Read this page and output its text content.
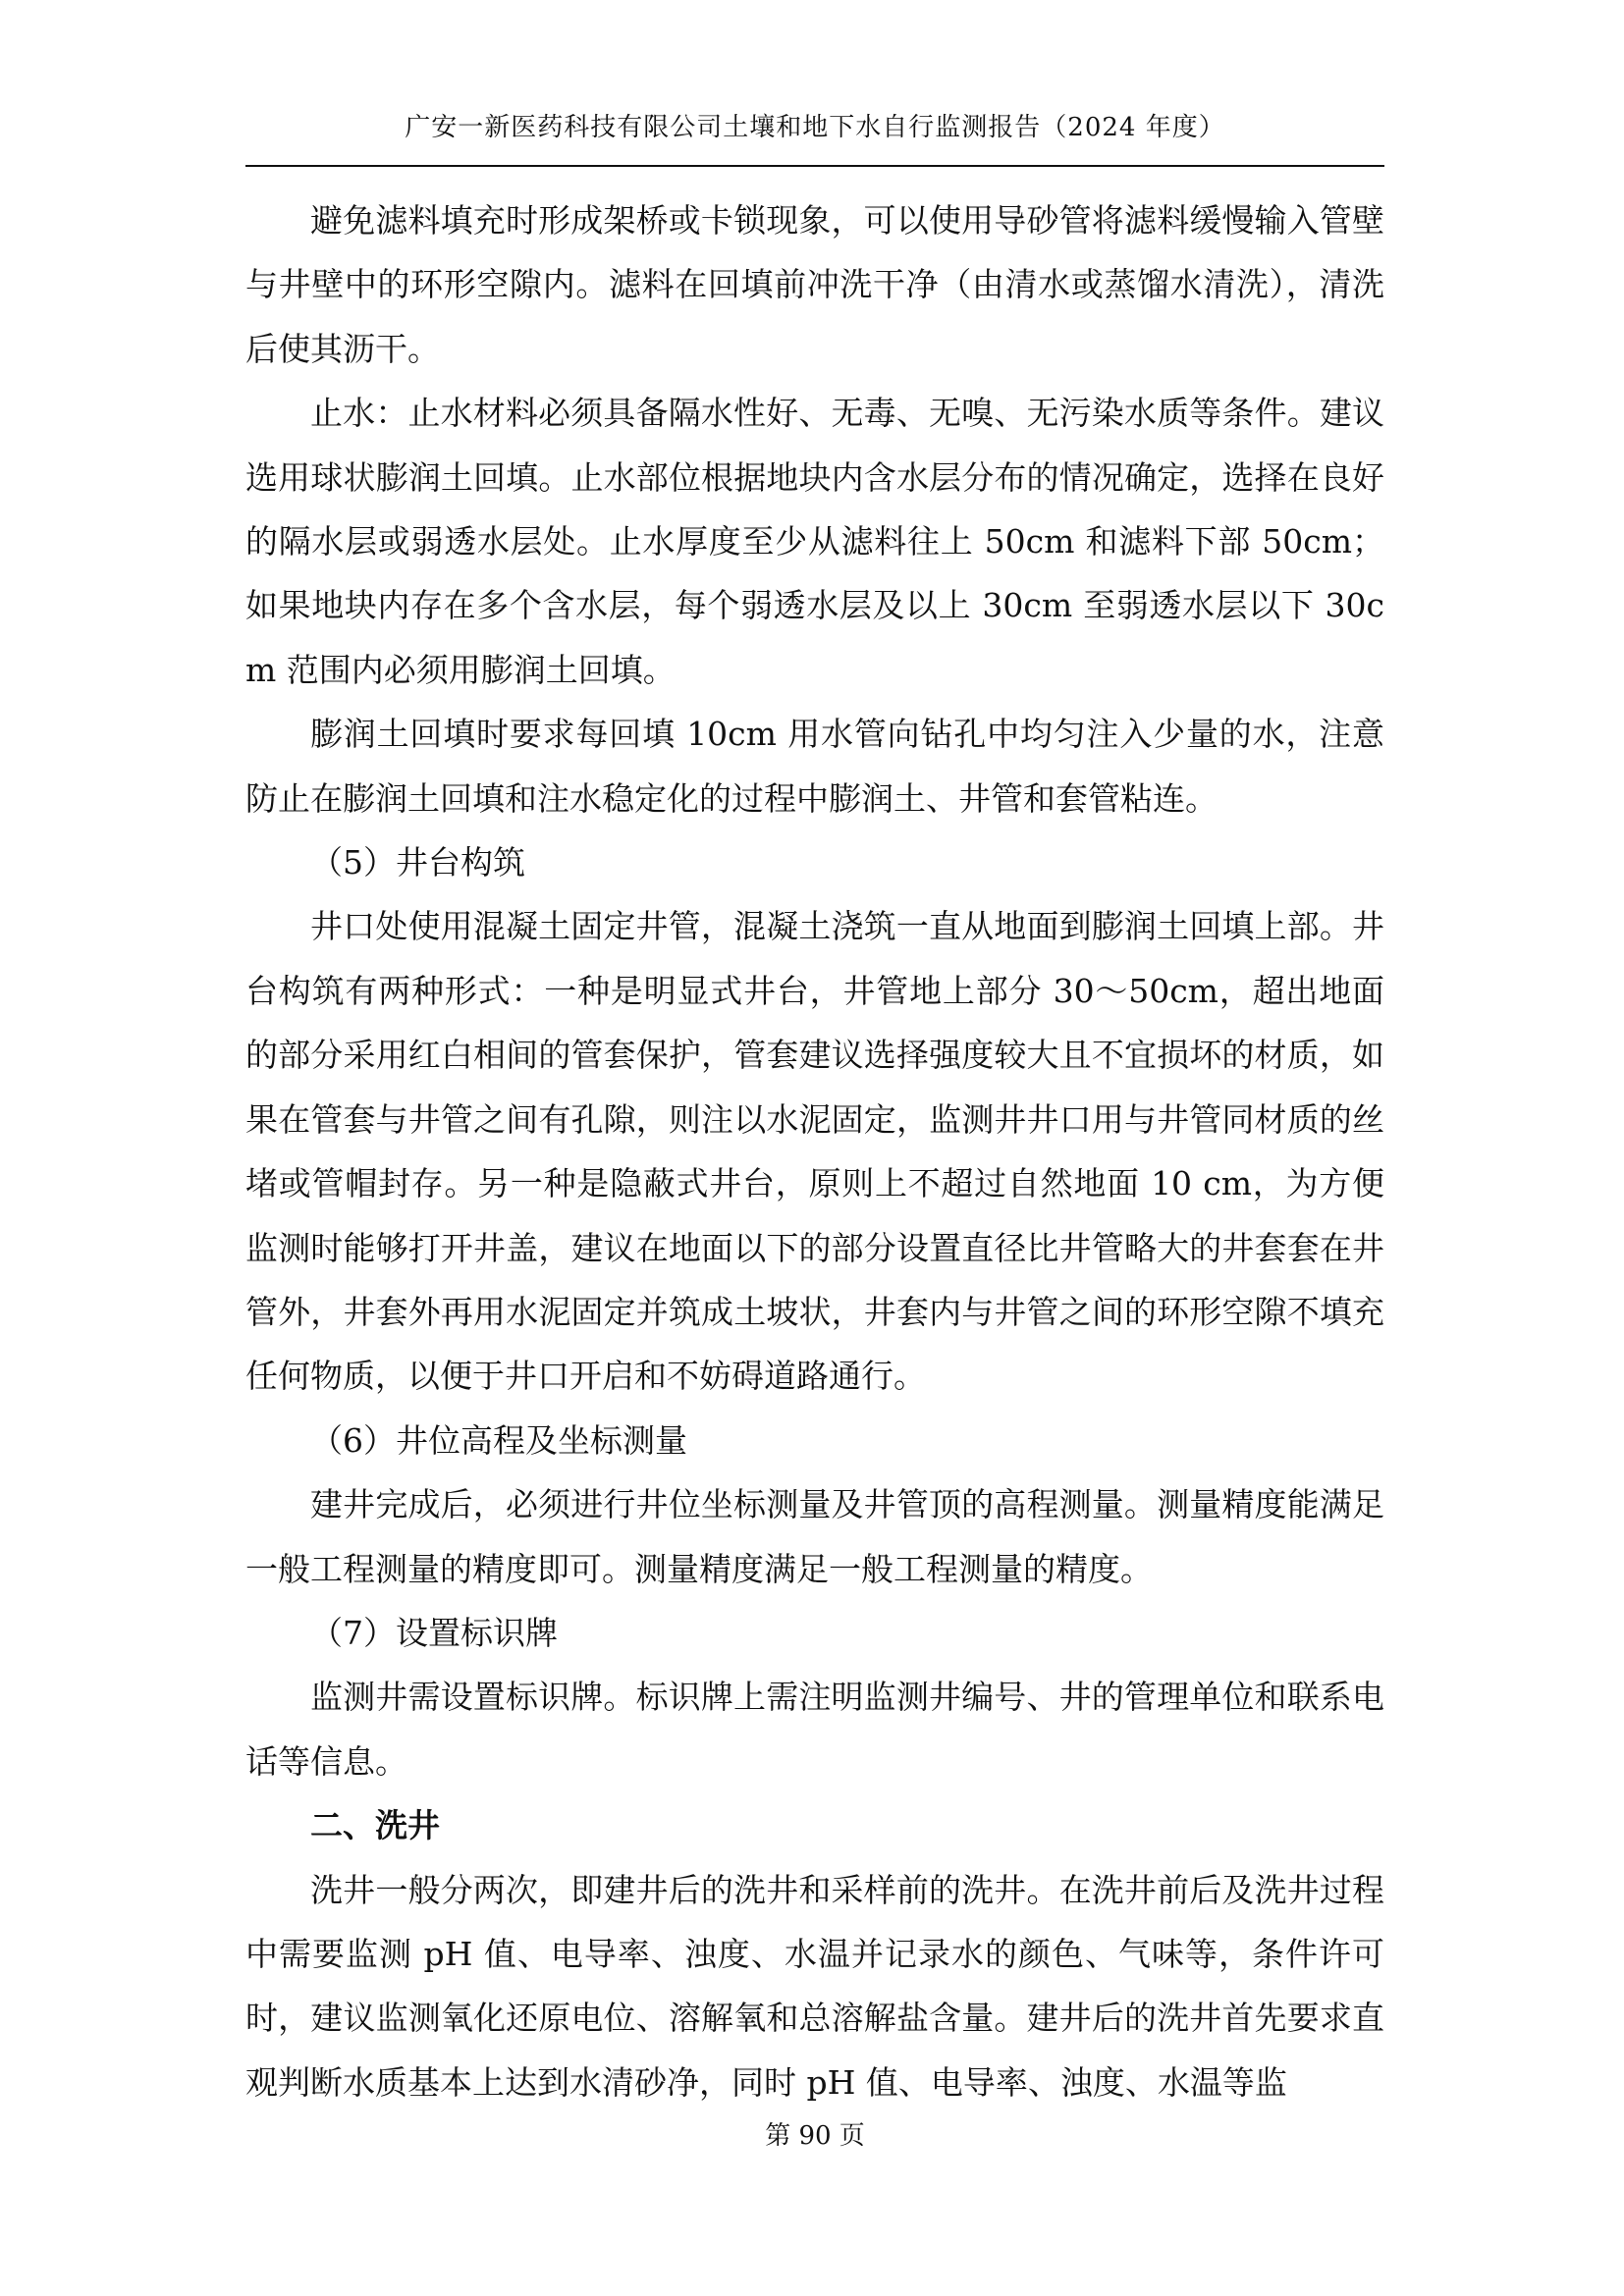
广安一新医药科技有限公司土壤和地下水自行监测报告（2024 年度）

避免滤料填充时形成架桥或卡锁现象，可以使用导砂管将滤料缓慢输入管壁与井壁中的环形空隙内。滤料在回填前冲洗干净（由清水或蒸馏水清洗），清洗后使其沥干。

止水：止水材料必须具备隔水性好、无毒、无嗅、无污染水质等条件。建议选用球状膨润土回填。止水部位根据地块内含水层分布的情况确定，选择在良好的隔水层或弱透水层处。止水厚度至少从滤料往上 50cm 和滤料下部 50cm；如果地块内存在多个含水层，每个弱透水层及以上 30cm 至弱透水层以下 30cm 范围内必须用膨润土回填。

膨润土回填时要求每回填 10cm 用水管向钻孔中均匀注入少量的水，注意防止在膨润土回填和注水稳定化的过程中膨润土、井管和套管粘连。

（5）井台构筑

井口处使用混凝土固定井管，混凝土浇筑一直从地面到膨润土回填上部。井台构筑有两种形式：一种是明显式井台，井管地上部分 30～50cm，超出地面的部分采用红白相间的管套保护，管套建议选择强度较大且不宜损坏的材质，如果在管套与井管之间有孔隙，则注以水泥固定，监测井井口用与井管同材质的丝堵或管帽封存。另一种是隐蔽式井台，原则上不超过自然地面 10 cm，为方便监测时能够打开井盖，建议在地面以下的部分设置直径比井管略大的井套套在井管外，井套外再用水泥固定并筑成土坡状，井套内与井管之间的环形空隙不填充任何物质，以便于井口开启和不妨碍道路通行。

（6）井位高程及坐标测量

建井完成后，必须进行井位坐标测量及井管顶的高程测量。测量精度能满足一般工程测量的精度即可。测量精度满足一般工程测量的精度。

（7）设置标识牌

监测井需设置标识牌。标识牌上需注明监测井编号、井的管理单位和联系电话等信息。

二、洗井

洗井一般分两次，即建井后的洗井和采样前的洗井。在洗井前后及洗井过程中需要监测 pH 值、电导率、浊度、水温并记录水的颜色、气味等，条件许可时，建议监测氧化还原电位、溶解氧和总溶解盐含量。建井后的洗井首先要求直观判断水质基本上达到水清砂净，同时 pH 值、电导率、浊度、水温等监

第 90 页
